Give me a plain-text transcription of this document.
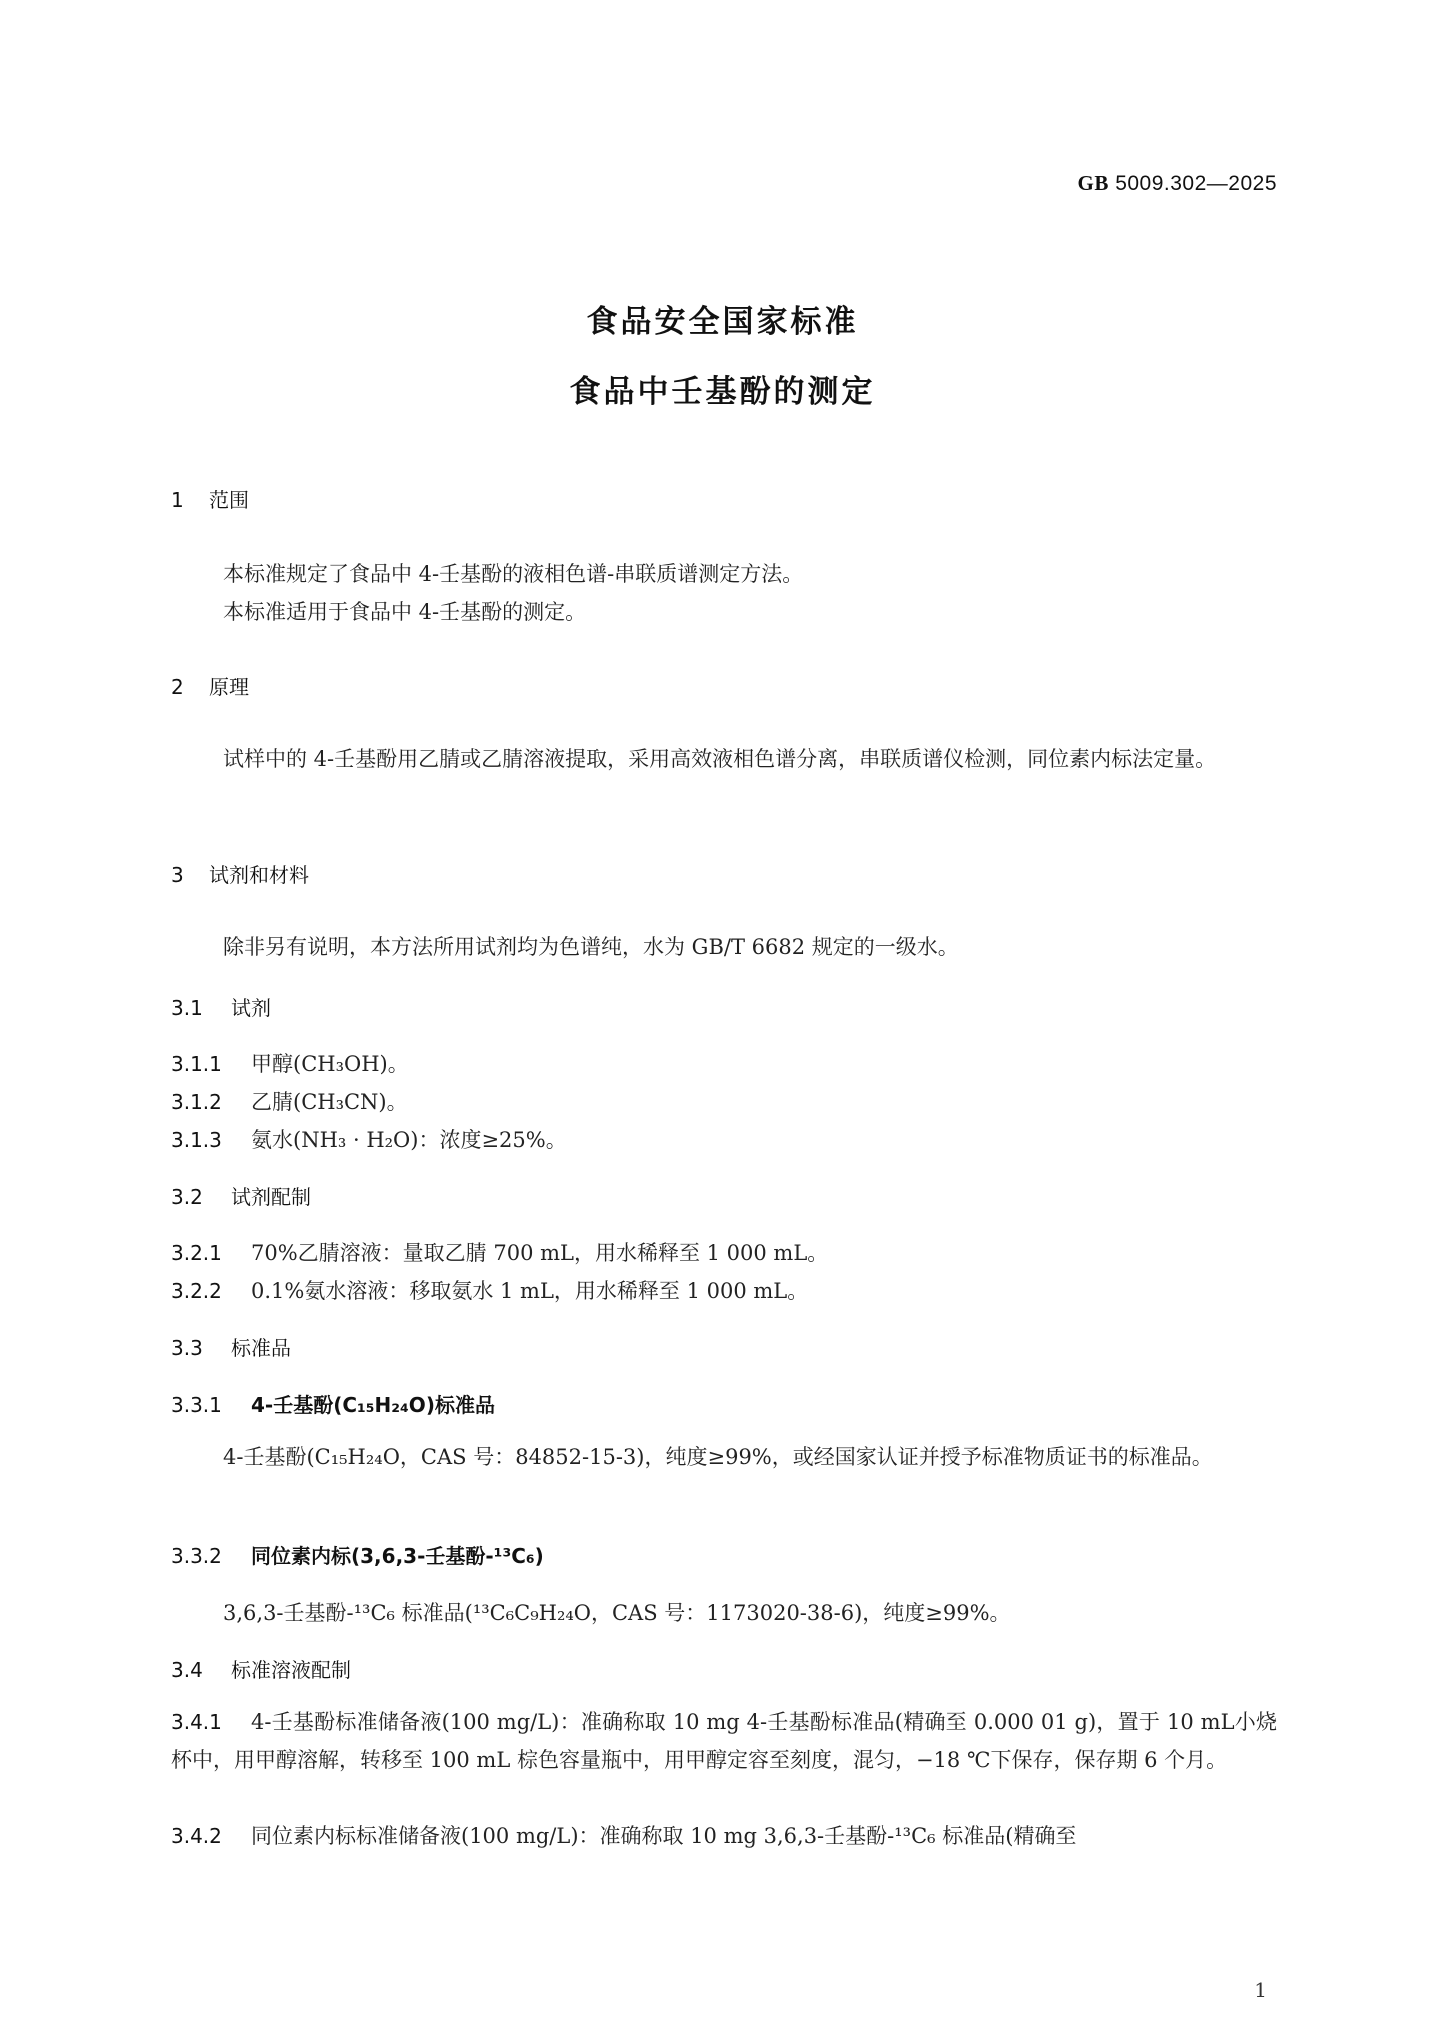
GB 5009.302—2025
食品安全国家标准
食品中壬基酚的测定
1 范围
本标准规定了食品中 4-壬基酚的液相色谱-串联质谱测定方法。
本标准适用于食品中 4-壬基酚的测定。
2 原理
试样中的 4-壬基酚用乙腈或乙腈溶液提取，采用高效液相色谱分离，串联质谱仪检测，同位素内标法定量。
3 试剂和材料
除非另有说明，本方法所用试剂均为色谱纯，水为 GB/T 6682 规定的一级水。
3.1 试剂
3.1.1 甲醇(CH₃OH)。
3.1.2 乙腈(CH₃CN)。
3.1.3 氨水(NH₃ · H₂O)：浓度≥25%。
3.2 试剂配制
3.2.1 70%乙腈溶液：量取乙腈 700 mL，用水稀释至 1 000 mL。
3.2.2 0.1%氨水溶液：移取氨水 1 mL，用水稀释至 1 000 mL。
3.3 标准品
3.3.1 4-壬基酚(C₁₅H₂₄O)标准品
4-壬基酚(C₁₅H₂₄O，CAS 号：84852-15-3)，纯度≥99%，或经国家认证并授予标准物质证书的标准品。
3.3.2 同位素内标(3,6,3-壬基酚-¹³C₆)
3,6,3-壬基酚-¹³C₆ 标准品(¹³C₆C₉H₂₄O，CAS 号：1173020-38-6)，纯度≥99%。
3.4 标准溶液配制
3.4.1 4-壬基酚标准储备液(100 mg/L)：准确称取 10 mg 4-壬基酚标准品(精确至 0.000 01 g)，置于 10 mL小烧杯中，用甲醇溶解，转移至 100 mL 棕色容量瓶中，用甲醇定容至刻度，混匀，−18 ℃下保存，保存期 6 个月。
3.4.2 同位素内标标准储备液(100 mg/L)：准确称取 10 mg 3,6,3-壬基酚-¹³C₆ 标准品(精确至
1
